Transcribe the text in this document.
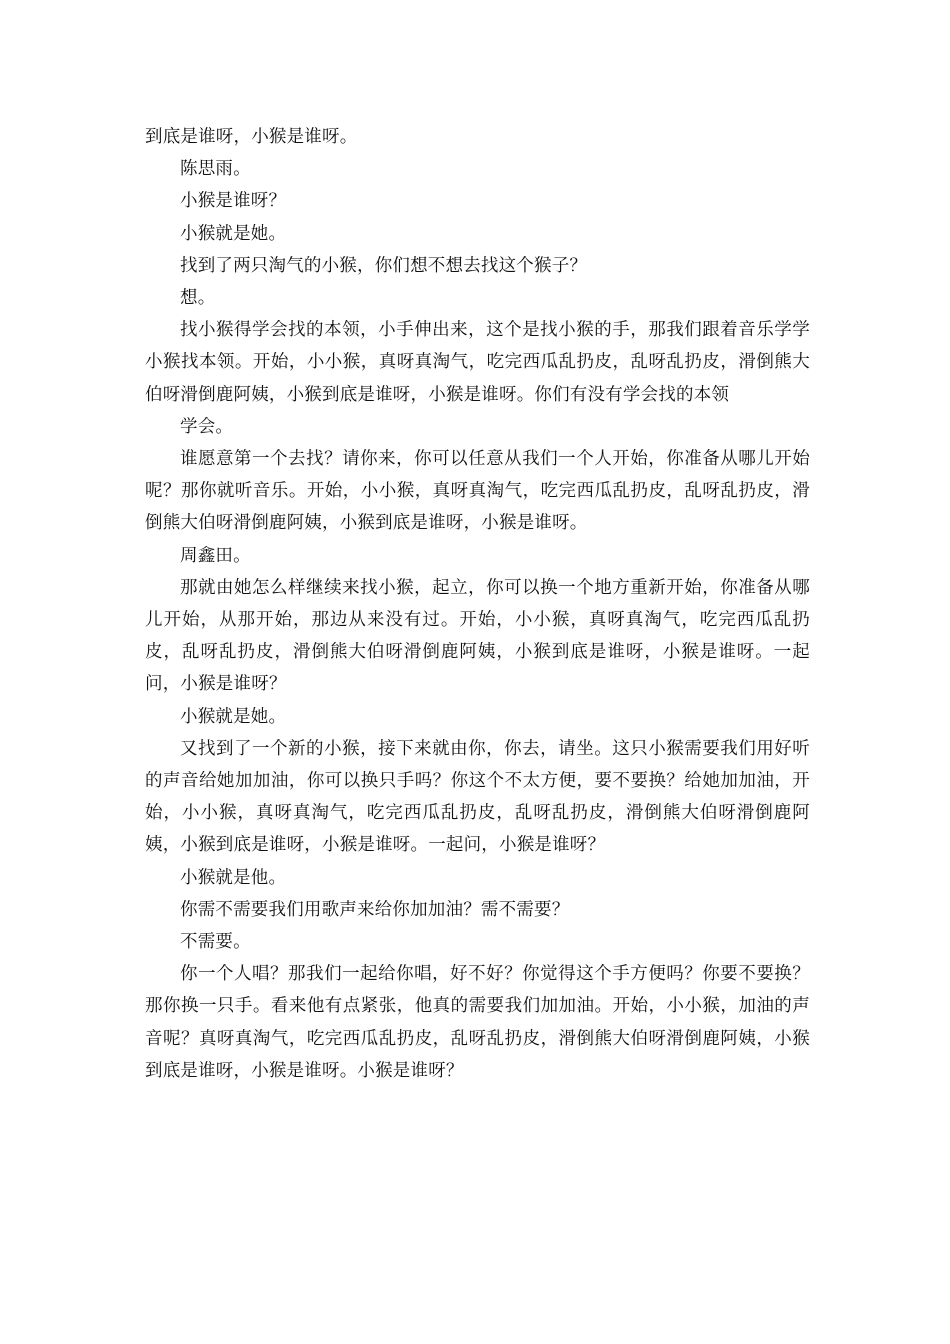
到底是谁呀，小猴是谁呀。

陈思雨。

小猴是谁呀？

小猴就是她。

找到了两只淘气的小猴，你们想不想去找这个猴子？

想。

找小猴得学会找的本领，小手伸出来，这个是找小猴的手，那我们跟着音乐学学小猴找本领。开始，小小猴，真呀真淘气，吃完西瓜乱扔皮，乱呀乱扔皮，滑倒熊大伯呀滑倒鹿阿姨，小猴到底是谁呀，小猴是谁呀。你们有没有学会找的本领

学会。

谁愿意第一个去找？请你来，你可以任意从我们一个人开始，你准备从哪儿开始呢？那你就听音乐。开始，小小猴，真呀真淘气，吃完西瓜乱扔皮，乱呀乱扔皮，滑倒熊大伯呀滑倒鹿阿姨，小猴到底是谁呀，小猴是谁呀。

周鑫田。

那就由她怎么样继续来找小猴，起立，你可以换一个地方重新开始，你准备从哪儿开始，从那开始，那边从来没有过。开始，小小猴，真呀真淘气，吃完西瓜乱扔皮，乱呀乱扔皮，滑倒熊大伯呀滑倒鹿阿姨，小猴到底是谁呀，小猴是谁呀。一起问，小猴是谁呀？

小猴就是她。

又找到了一个新的小猴，接下来就由你，你去，请坐。这只小猴需要我们用好听的声音给她加加油，你可以换只手吗？你这个不太方便，要不要换？给她加加油，开始，小小猴，真呀真淘气，吃完西瓜乱扔皮，乱呀乱扔皮，滑倒熊大伯呀滑倒鹿阿姨，小猴到底是谁呀，小猴是谁呀。一起问，小猴是谁呀？

小猴就是他。

你需不需要我们用歌声来给你加加油？需不需要？

不需要。

你一个人唱？那我们一起给你唱，好不好？你觉得这个手方便吗？你要不要换？那你换一只手。看来他有点紧张，他真的需要我们加加油。开始，小小猴，加油的声音呢？真呀真淘气，吃完西瓜乱扔皮，乱呀乱扔皮，滑倒熊大伯呀滑倒鹿阿姨，小猴到底是谁呀，小猴是谁呀。小猴是谁呀？
